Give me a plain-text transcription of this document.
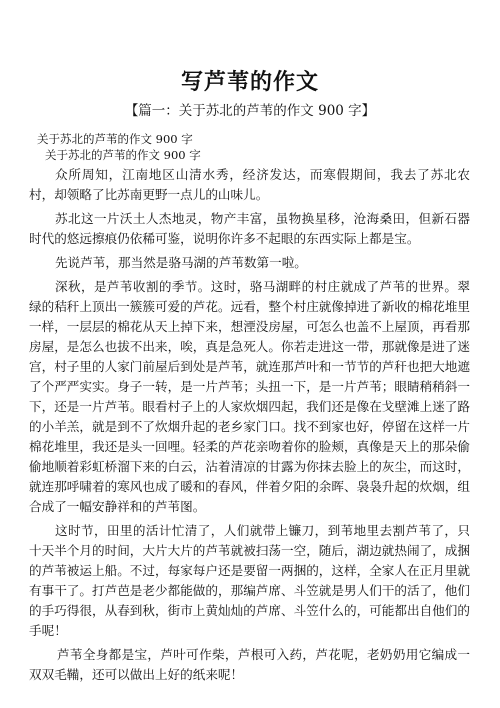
写芦苇的作文
【篇一：关于苏北的芦苇的作文 900 字】
关于苏北的芦苇的作文 900 字
关于苏北的芦苇的作文 900 字

众所周知，江南地区山清水秀，经济发达，而寒假期间，我去了苏北农村，却领略了比苏南更野一点儿的山味儿。

苏北这一片沃土人杰地灵，物产丰富，虽物换星移，沧海桑田，但新石器时代的悠远擦痕仍依稀可鉴，说明你许多不起眼的东西实际上都是宝。

先说芦苇，那当然是骆马湖的芦苇数第一啦。

深秋，是芦苇收割的季节。这时，骆马湖畔的村庄就成了芦苇的世界。翠绿的秸秆上顶出一簇簇可爱的芦花。远看，整个村庄就像掉进了新收的棉花堆里一样，一层层的棉花从天上掉下来，想湮没房屋，可怎么也盖不上屋顶，再看那房屋，是怎么也拔不出来，唉，真是急死人。你若走进这一带，那就像是进了迷宫，村子里的人家门前屋后到处是芦苇，就连那芦叶和一节节的芦秆也把大地遮了个严严实实。身子一转，是一片芦苇；头扭一下，是一片芦苇；眼睛稍稍斜一下，还是一片芦苇。眼看村子上的人家炊烟四起，我们还是像在戈壁滩上迷了路的小羊羔，就是到不了炊烟升起的老乡家门口。找不到家也好，停留在这样一片棉花堆里，我还是头一回哩。轻柔的芦花亲吻着你的脸颊，真像是天上的那朵偷偷地顺着彩虹桥溜下来的白云，沾着清凉的甘露为你抹去脸上的灰尘，而这时，就连那呼啸着的寒风也成了暖和的春风，伴着夕阳的余晖、袅袅升起的炊烟，组合成了一幅安静祥和的芦苇图。

这时节，田里的活计忙清了，人们就带上镰刀，到苇地里去割芦苇了，只十天半个月的时间，大片大片的芦苇就被扫荡一空，随后，湖边就热闹了，成捆的芦苇被运上船。不过，每家每户还是要留一两捆的，这样，全家人在正月里就有事干了。打芦芭是老少都能做的，那编芦席、斗笠就是男人们干的活了，他们的手巧得很，从春到秋，街市上黄灿灿的芦席、斗笠什么的，可能都出自他们的手呢！

芦苇全身都是宝，芦叶可作柴，芦根可入药，芦花呢，老奶奶用它编成一双双毛鞴，还可以做出上好的纸来呢！
